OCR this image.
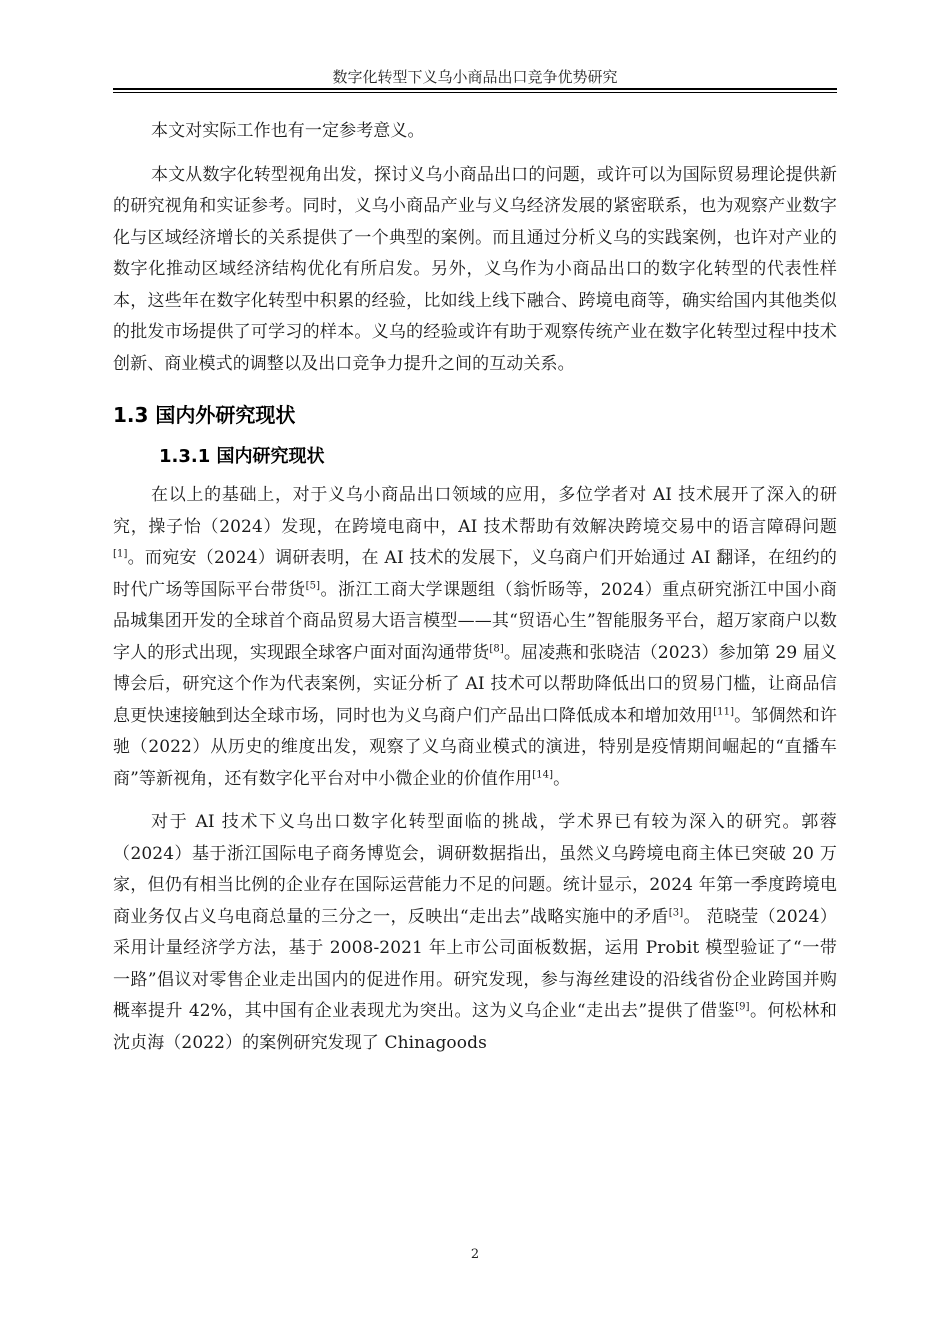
数字化转型下义乌小商品出口竞争优势研究

本文对实际工作也有一定参考意义。

本文从数字化转型视角出发，探讨义乌小商品出口的问题，或许可以为国际贸易理论提供新的研究视角和实证参考。同时，义乌小商品产业与义乌经济发展的紧密联系，也为观察产业数字化与区域经济增长的关系提供了一个典型的案例。而且通过分析义乌的实践案例，也许对产业的数字化推动区域经济结构优化有所启发。另外，义乌作为小商品出口的数字化转型的代表性样本，这些年在数字化转型中积累的经验，比如线上线下融合、跨境电商等，确实给国内其他类似的批发市场提供了可学习的样本。义乌的经验或许有助于观察传统产业在数字化转型过程中技术创新、商业模式的调整以及出口竞争力提升之间的互动关系。

1.3 国内外研究现状
1.3.1 国内研究现状

在以上的基础上，对于义乌小商品出口领域的应用，多位学者对 AI 技术展开了深入的研究，操子怡（2024）发现，在跨境电商中，AI 技术帮助有效解决跨境交易中的语言障碍问题[1]。而宛安（2024）调研表明，在 AI 技术的发展下，义乌商户们开始通过 AI 翻译，在纽约的时代广场等国际平台带货[5]。浙江工商大学课题组（翁忻旸等，2024）重点研究浙江中国小商品城集团开发的全球首个商品贸易大语言模型——其“贸语心生”智能服务平台，超万家商户以数字人的形式出现，实现跟全球客户面对面沟通带货[8]。屈凌燕和张晓洁（2023）参加第 29 届义博会后，研究这个作为代表案例，实证分析了 AI 技术可以帮助降低出口的贸易门槛，让商品信息更快速接触到达全球市场，同时也为义乌商户们产品出口降低成本和增加效用[11]。邹倜然和许驰（2022）从历史的维度出发，观察了义乌商业模式的演进，特别是疫情期间崛起的“直播车商”等新视角，还有数字化平台对中小微企业的价值作用[14]。

对于 AI 技术下义乌出口数字化转型面临的挑战，学术界已有较为深入的研究。郭蓉（2024）基于浙江国际电子商务博览会，调研数据指出，虽然义乌跨境电商主体已突破 20 万家，但仍有相当比例的企业存在国际运营能力不足的问题。统计显示，2024 年第一季度跨境电商业务仅占义乌电商总量的三分之一，反映出“走出去”战略实施中的矛盾[3]。 范晓莹（2024）采用计量经济学方法，基于 2008-2021 年上市公司面板数据，运用 Probit 模型验证了“一带一路”倡议对零售企业走出国内的促进作用。研究发现，参与海丝建设的沿线省份企业跨国并购概率提升 42%，其中国有企业表现尤为突出。这为义乌企业“走出去”提供了借鉴[9]。何松林和沈贞海（2022）的案例研究发现了 Chinagoods

2
